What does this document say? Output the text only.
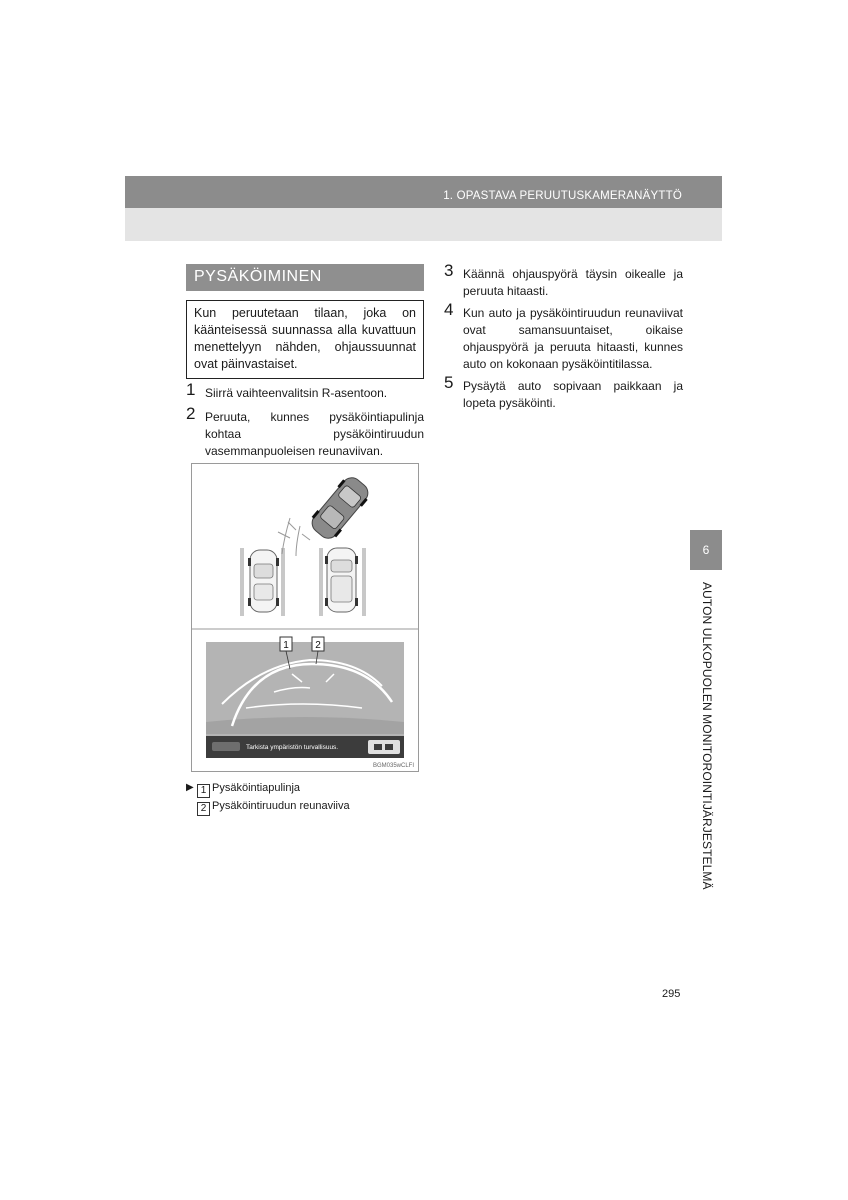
1. OPASTAVA PERUUTUSKAMERANÄYTTÖ
PYSÄKÖIMINEN
Kun peruutetaan tilaan, joka on käänteisessä suunnassa alla kuvattuun menettelyyn nähden, ohjaussuunnat ovat päinvastaiset.
1 Siirrä vaihteenvalitsin R-asentoon.
2 Peruuta, kunnes pysäköintiapulinja kohtaa pysäköintiruudun vasemmanpuoleisen reunaviivan.
1	2
Tarkista ympäristön turvallisuus.
BGM035wCLFI
▶ 1 Pysäköintiapulinja
2 Pysäköintiruudun reunaviiva
3 Käännä ohjauspyörä täysin oikealle ja peruuta hitaasti.
4 Kun auto ja pysäköintiruudun reunaviivat ovat samansuuntaiset, oikaise ohjauspyörä ja peruuta hitaasti, kunnes auto on kokonaan pysäköintitilassa.
5 Pysäytä auto sopivaan paikkaan ja lopeta pysäköinti.
6
AUTON ULKOPUOLEN MONITOROINTIJÄRJESTELMÄ
295
